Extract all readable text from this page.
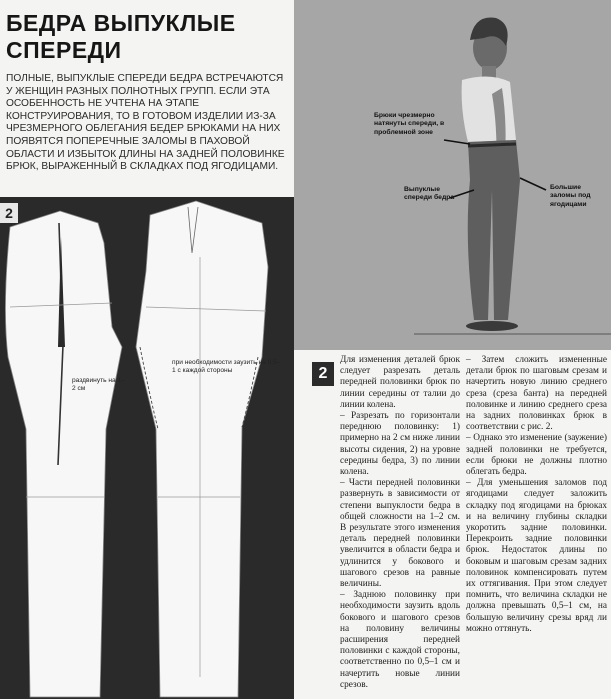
БЕДРА ВЫПУКЛЫЕ
СПЕРЕДИ
ПОЛНЫЕ, ВЫПУКЛЫЕ СПЕРЕДИ БЕДРА ВСТРЕЧАЮТСЯ У ЖЕНЩИН РАЗНЫХ ПОЛНОТНЫХ ГРУПП. ЕСЛИ ЭТА ОСОБЕННОСТЬ НЕ УЧТЕНА НА ЭТАПЕ КОНСТРУИРОВАНИЯ, ТО В ГОТОВОМ ИЗДЕЛИИ ИЗ-ЗА ЧРЕЗМЕРНОГО ОБЛЕГАНИЯ БЕДЕР БРЮКАМИ НА НИХ ПОЯВЯТСЯ ПОПЕРЕЧНЫЕ ЗАЛОМЫ В ПАХОВОЙ ОБЛАСТИ И ИЗБЫТОК ДЛИНЫ НА ЗАДНЕЙ ПОЛОВИНКЕ БРЮК, ВЫРАЖЕННЫЙ В СКЛАДКАХ ПОД ЯГОДИЦАМИ.
2
раздвинуть на 1–2 см
при необходимости заузить на 0,5–1 с каждой стороны
Брюки чрезмерно натянуты спереди, в проблемной зоне
Выпуклые спереди бедра
Большие заломы под ягодицами
2

Для изменения деталей брюк следует разрезать деталь передней половинки брюк по линии середины от талии до линии колена.

– Разрезать по горизонтали переднюю половинку: 1) примерно на 2 см ниже линии высоты сидения, 2) на уровне середины бедра, 3) по линии колена.

– Части передней половинки развернуть в зависимости от степени выпуклости бедра в общей сложности на 1–2 см. В результате этого изменения деталь передней половинки увеличится в области бедра и удлинится у бокового и шагового срезов на равные величины.

– Заднюю половинку при необходимости заузить вдоль бокового и шагового срезов на половину величины расширения передней половинки с каждой стороны, соответственно по 0,5–1 см и начертить новые линии срезов.

– Затем сложить измененные детали брюк по шаговым срезам и начертить новую линию среднего среза (среза банта) на передней половинке и линию среднего среза на задних половинках брюк в соответствии с рис. 2.

– Однако это изменение (заужение) задней половинки не требуется, если брюки не должны плотно облегать бедра.

– Для уменьшения заломов под ягодицами следует заложить складку под ягодицами на брюках и на величину глубины складки укоротить задние половинки. Перекроить задние половинки брюк. Недостаток длины по боковым и шаговым срезам задних половинок компенсировать путем их оттягивания. При этом следует помнить, что величина складки не должна превышать 0,5–1 см, на большую величину срезы вряд ли можно оттянуть.
